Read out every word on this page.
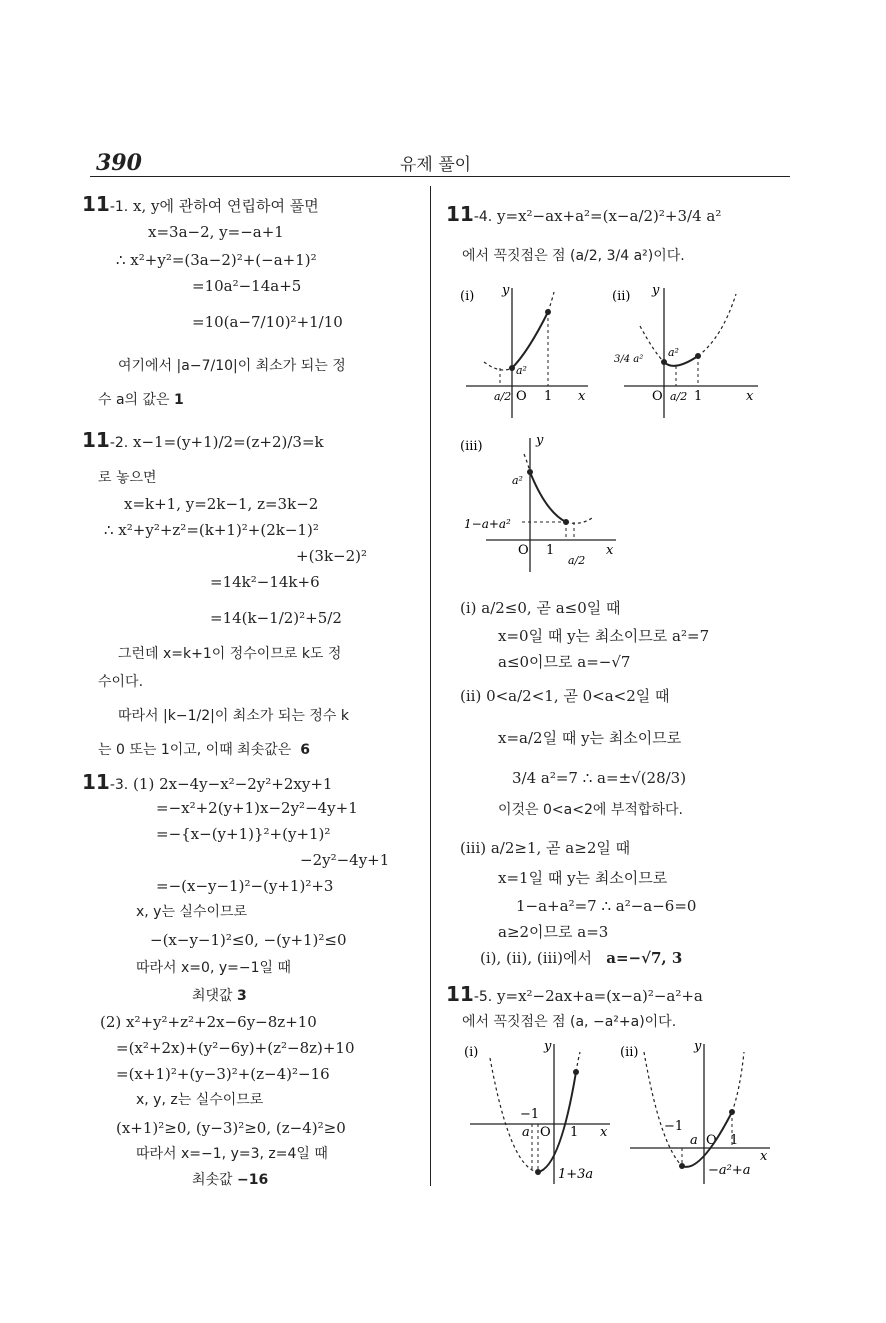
390	유제 풀이
11-1. x, y에 관하여 연립하여 풀면
x=3a−2, y=−a+1
∴ x²+y²=(3a−2)²+(−a+1)²
=10a²−14a+5
=10(a−7/10)²+1/10
여기에서 |a−7/10|이 최소가 되는 정
수 a의 값은 1
11-2. x−1=(y+1)/2=(z+2)/3=k
로 놓으면
x=k+1, y=2k−1, z=3k−2
∴ x²+y²+z²=(k+1)²+(2k−1)²
+(3k−2)²
=14k²−14k+6
=14(k−1/2)²+5/2
그런데 x=k+1이 정수이므로 k도 정
수이다.
따라서 |k−1/2|이 최소가 되는 정수 k
는 0 또는 1이고, 이때 최솟값은 6
11-3. (1) 2x−4y−x²−2y²+2xy+1
=−x²+2(y+1)x−2y²−4y+1
=−{x−(y+1)}²+(y+1)²
−2y²−4y+1
=−(x−y−1)²−(y+1)²+3
x, y는 실수이므로
−(x−y−1)²≤0, −(y+1)²≤0
따라서 x=0, y=−1일 때
최댓값 3
(2) x²+y²+z²+2x−6y−8z+10
=(x²+2x)+(y²−6y)+(z²−8z)+10
=(x+1)²+(y−3)²+(z−4)²−16
x, y, z는 실수이므로
(x+1)²≥0, (y−3)²≥0, (z−4)²≥0
따라서 x=−1, y=3, z=4일 때
최솟값 −16
11-4. y=x²−ax+a²=(x−a/2)²+3/4 a²
에서 꼭짓점은 점 (a/2, 3/4 a²)이다.
(i) y
x
O
a²
1
a/2
(ii) y
x
O
a²
3/4 a²
1
a/2
(iii)	y
x
O
a²
1−a+a²
1
a/2
(i) a/2≤0, 곧 a≤0일 때
x=0일 때 y는 최소이므로 a²=7
a≤0이므로 a=−√7
(ii) 0<a/2<1, 곧 0<a<2일 때
x=a/2일 때 y는 최소이므로
3/4 a²=7 ∴ a=±√(28/3)
이것은 0<a<2에 부적합하다.
(iii) a/2≥1, 곧 a≥2일 때
x=1일 때 y는 최소이므로
1−a+a²=7 ∴ a²−a−6=0
a≥2이므로 a=3
(i), (ii), (iii)에서 a=−√7, 3
11-5. y=x²−2ax+a=(x−a)²−a²+a
에서 꼭짓점은 점 (a, −a²+a)이다.
(i)	y
x
O
a
−1
1
1+3a
(ii)	y
x
O
a
−1
1
−a²+a
